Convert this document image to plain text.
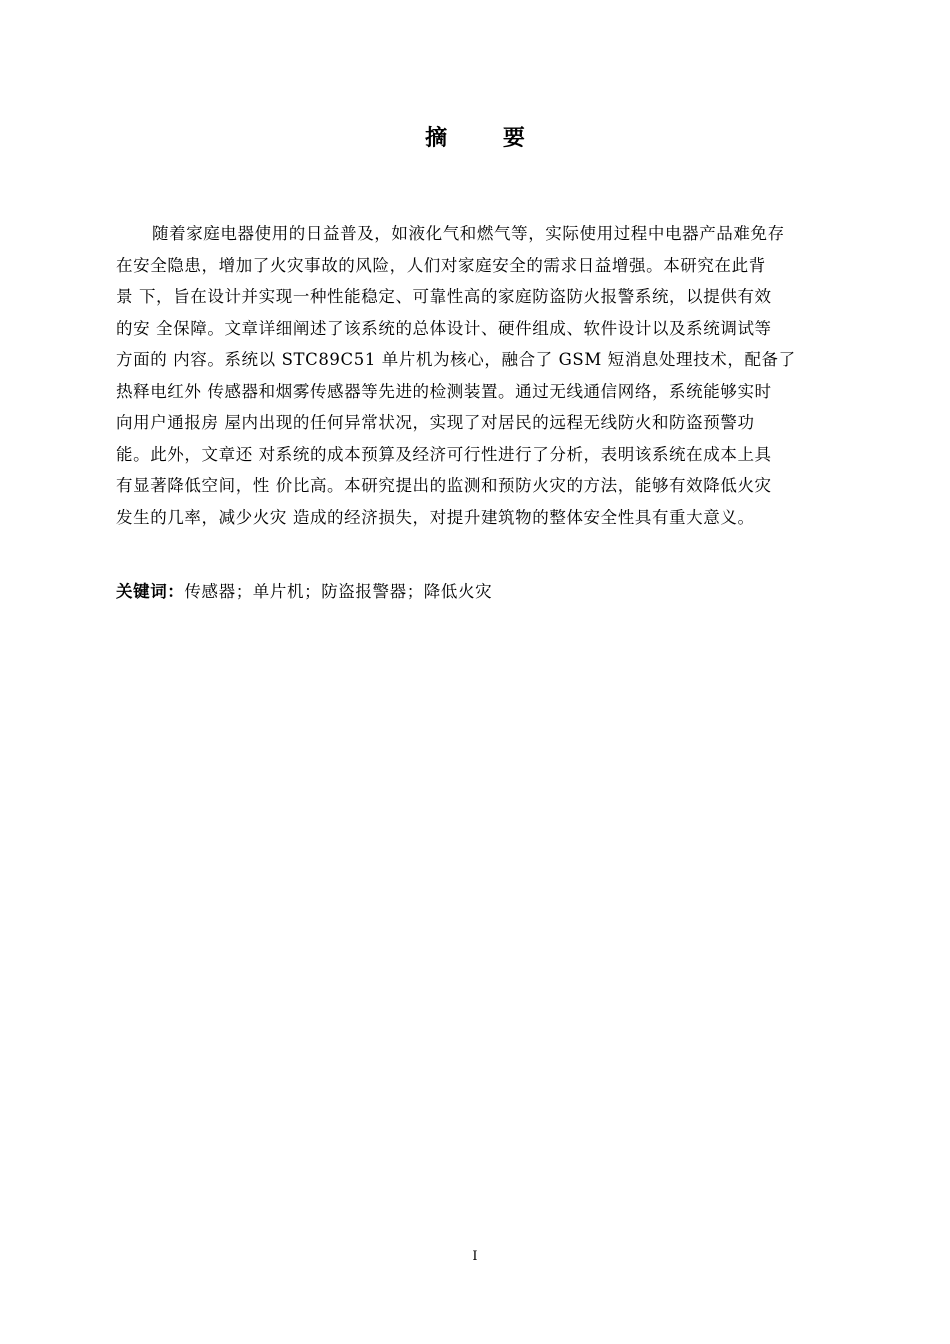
摘 要
随着家庭电器使用的日益普及，如液化气和燃气等，实际使用过程中电器产品难免存
在安全隐患，增加了火灾事故的风险，人们对家庭安全的需求日益增强。本研究在此背
景 下，旨在设计并实现一种性能稳定、可靠性高的家庭防盗防火报警系统，以提供有效
的安 全保障。文章详细阐述了该系统的总体设计、硬件组成、软件设计以及系统调试等
方面的 内容。系统以 STC89C51 单片机为核心，融合了 GSM 短消息处理技术，配备了
热释电红外 传感器和烟雾传感器等先进的检测装置。通过无线通信网络，系统能够实时
向用户通报房 屋内出现的任何异常状况，实现了对居民的远程无线防火和防盗预警功
能。此外，文章还 对系统的成本预算及经济可行性进行了分析，表明该系统在成本上具
有显著降低空间，性 价比高。本研究提出的监测和预防火灾的方法，能够有效降低火灾
发生的几率，减少火灾 造成的经济损失，对提升建筑物的整体安全性具有重大意义。
关键词：传感器；单片机；防盗报警器；降低火灾
I
